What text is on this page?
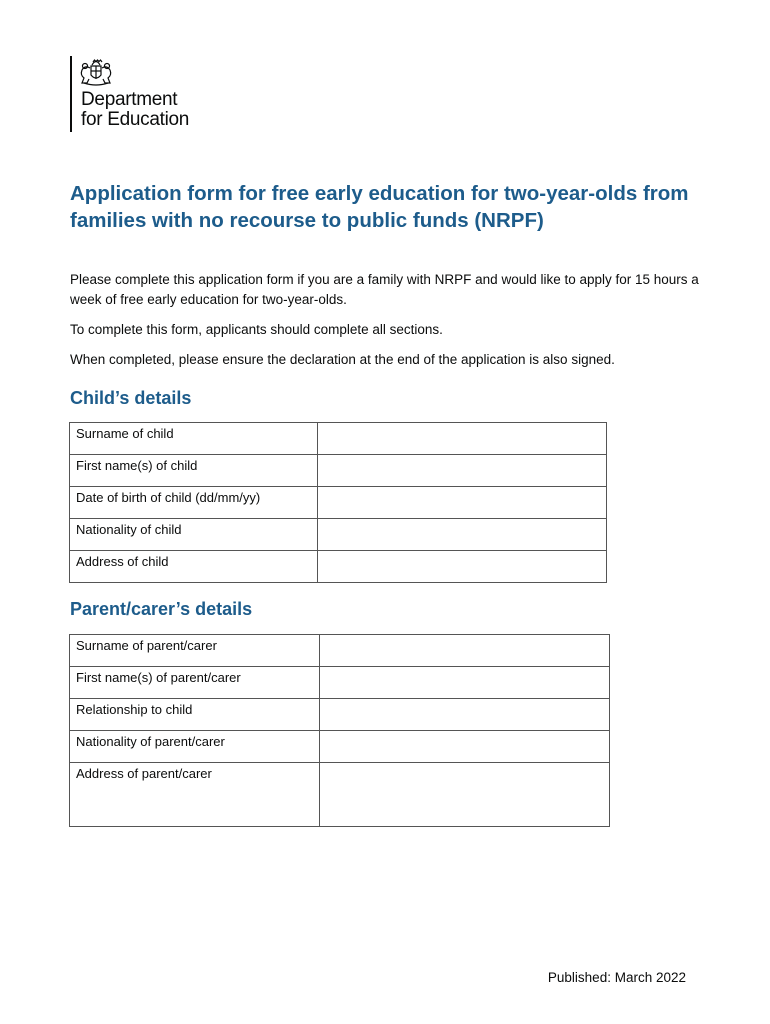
Department
for Education
Application form for free early education for two-year-olds from families with no recourse to public funds (NRPF)

Please complete this application form if you are a family with NRPF and would like to apply for 15 hours a week of free early education for two-year-olds.

To complete this form, applicants should complete all sections.

When completed, please ensure the declaration at the end of the application is also signed.

Child’s details
Surname of child	
First name(s) of child	
Date of birth of child (dd/mm/yy)	
Nationality of child	
Address of child	
Parent/carer’s details
Surname of parent/carer	
First name(s) of parent/carer	
Relationship to child	
Nationality of parent/carer	
Address of parent/carer	
Published: March 2022
